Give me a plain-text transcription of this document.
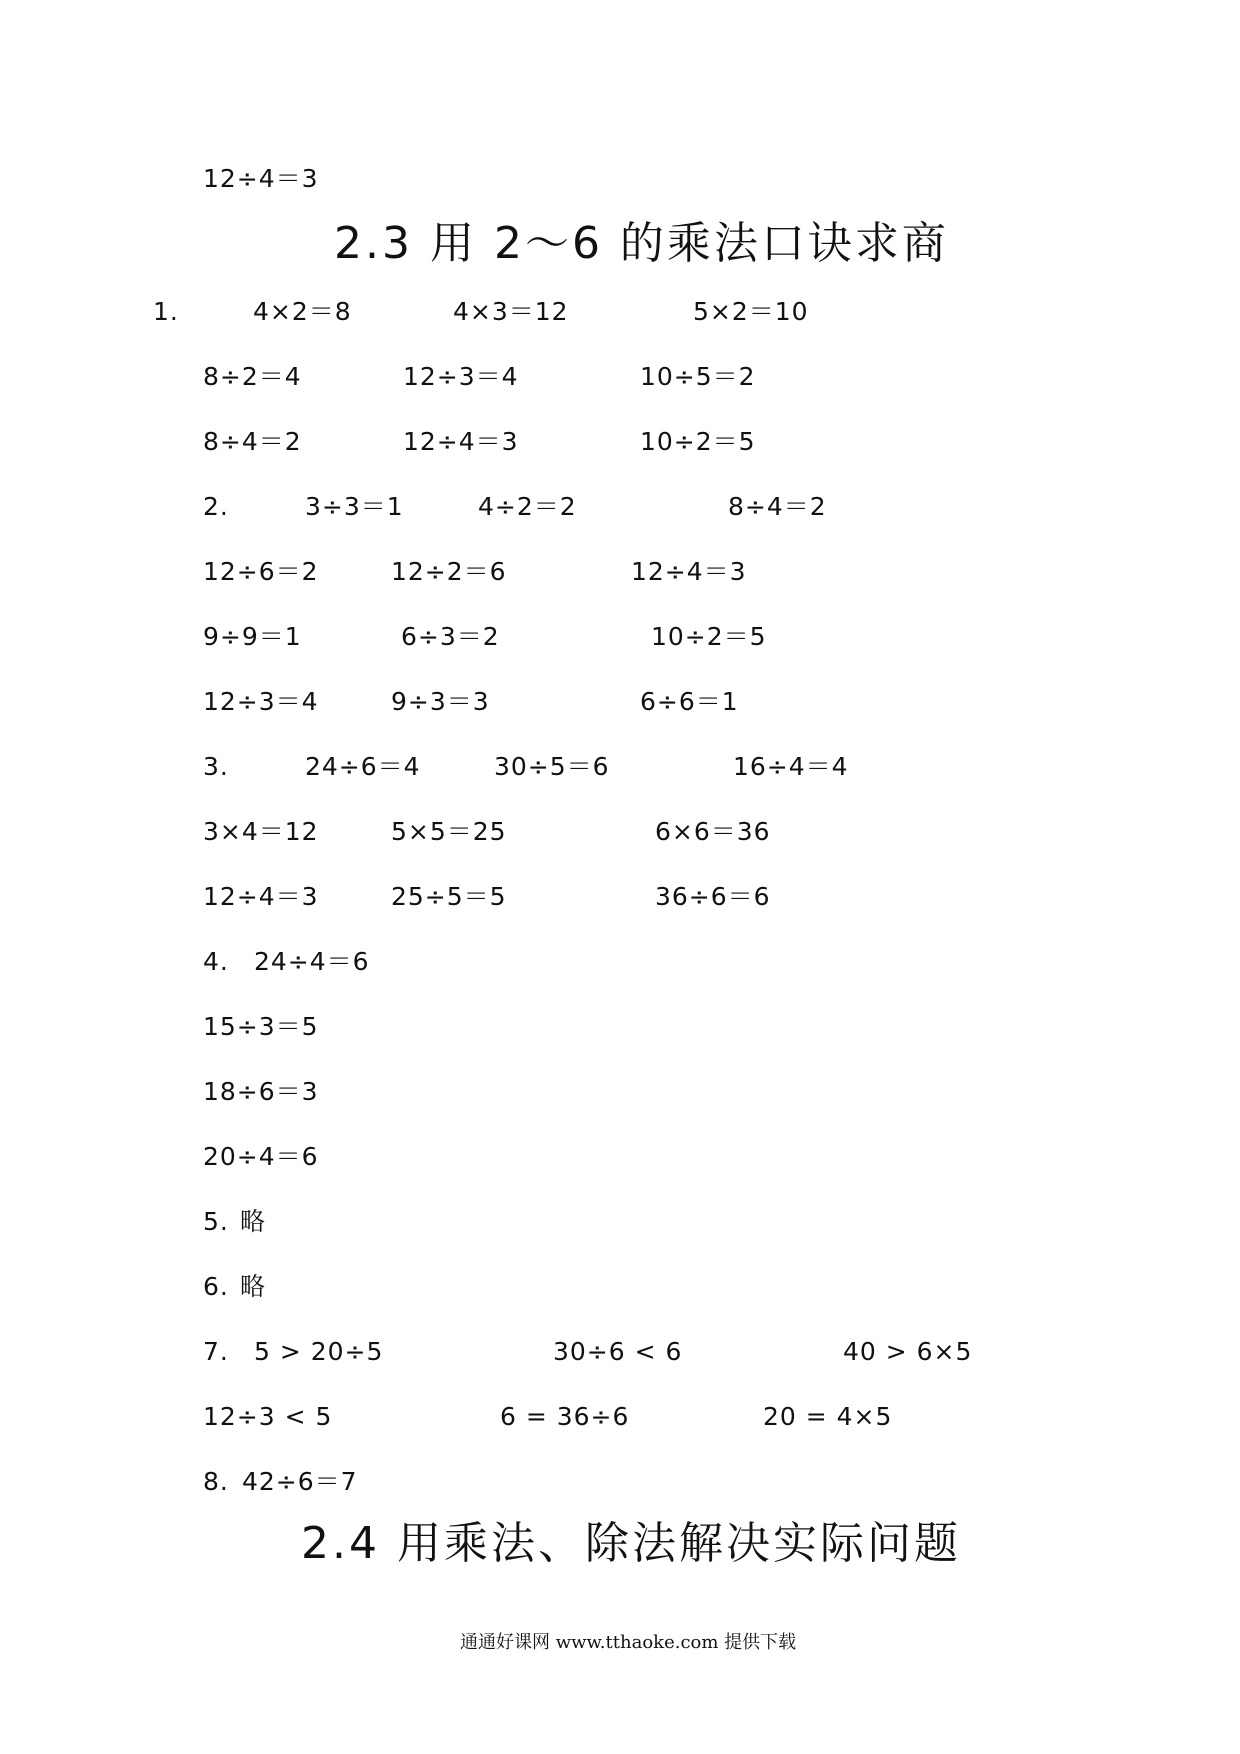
12÷4＝3
2.3 用 2～6 的乘法口诀求商
1.	4×2＝8	4×3＝12	5×2＝10
8÷2＝4	12÷3＝4	10÷5＝2
8÷4＝2	12÷4＝3	10÷2＝5
2.	3÷3＝1	4÷2＝2	8÷4＝2
12÷6＝2	12÷2＝6	12÷4＝3
9÷9＝1	6÷3＝2	10÷2＝5
12÷3＝4	9÷3＝3	6÷6＝1
3.	24÷6＝4	30÷5＝6	16÷4＝4
3×4＝12	5×5＝25	6×6＝36
12÷4＝3	25÷5＝5	36÷6＝6
4. 24÷4＝6
15÷3＝5
18÷6＝3
20÷4＝6
5. 略
6. 略
7. 5 > 20÷5	30÷6 < 6	40 > 6×5
12÷3 < 5	6 = 36÷6	20 = 4×5
8. 42÷6＝7
2.4 用乘法、除法解决实际问题
通通好课网 www.tthaoke.com 提供下载
